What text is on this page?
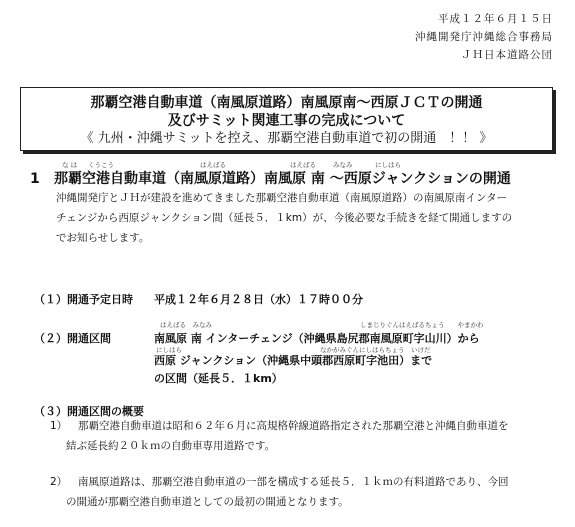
平成１２年６月１５日
沖縄開発庁沖縄総合事務局
ＪＨ日本道路公団
那覇空港自動車道（南風原道路）南風原南～西原ＪＣＴの開通
及びサミット関連工事の完成について
《 九州・沖縄サミットを控え、那覇空港自動車道で初の開通　！！ 》
な は くうこう	はえばる	はえばる	みなみ	にしはら
1 那覇空港自動車道（南風原道路）南風原 南 ～西原ジャンクションの開通
沖縄開発庁とＪＨが建設を進めてきました那覇空港自動車道（南風原道路）の南風原南インター
チェンジから西原ジャンクション間（延長５．１km）が、今後必要な手続きを経て開通しますの
でお知らせします。
（１）開通予定日時 平成１２年６月２８日（水）１７時００分
はえばる　みなみ	しまじりぐんはえばるちょう　　やまかわ
（２）開通区間	南風原 南 インターチェンジ（沖縄県島尻郡南風原町字山川）から
にしはら	なかがみぐんにしはらちょう　いけだ
西原 ジャンクション（沖縄県中頭郡西原町字池田）まで
の区間（延長５．１km）
（３）開通区間の概要
1） 那覇空港自動車道は昭和６２年６月に高規格幹線道路指定された那覇空港と沖縄自動車道を
結ぶ延長約２０ｋｍの自動車専用道路です。
2） 南風原道路は、那覇空港自動車道の一部を構成する延長５．１ｋｍの有料道路であり、今回
の開通が那覇空港自動車道としての最初の開通となります。
